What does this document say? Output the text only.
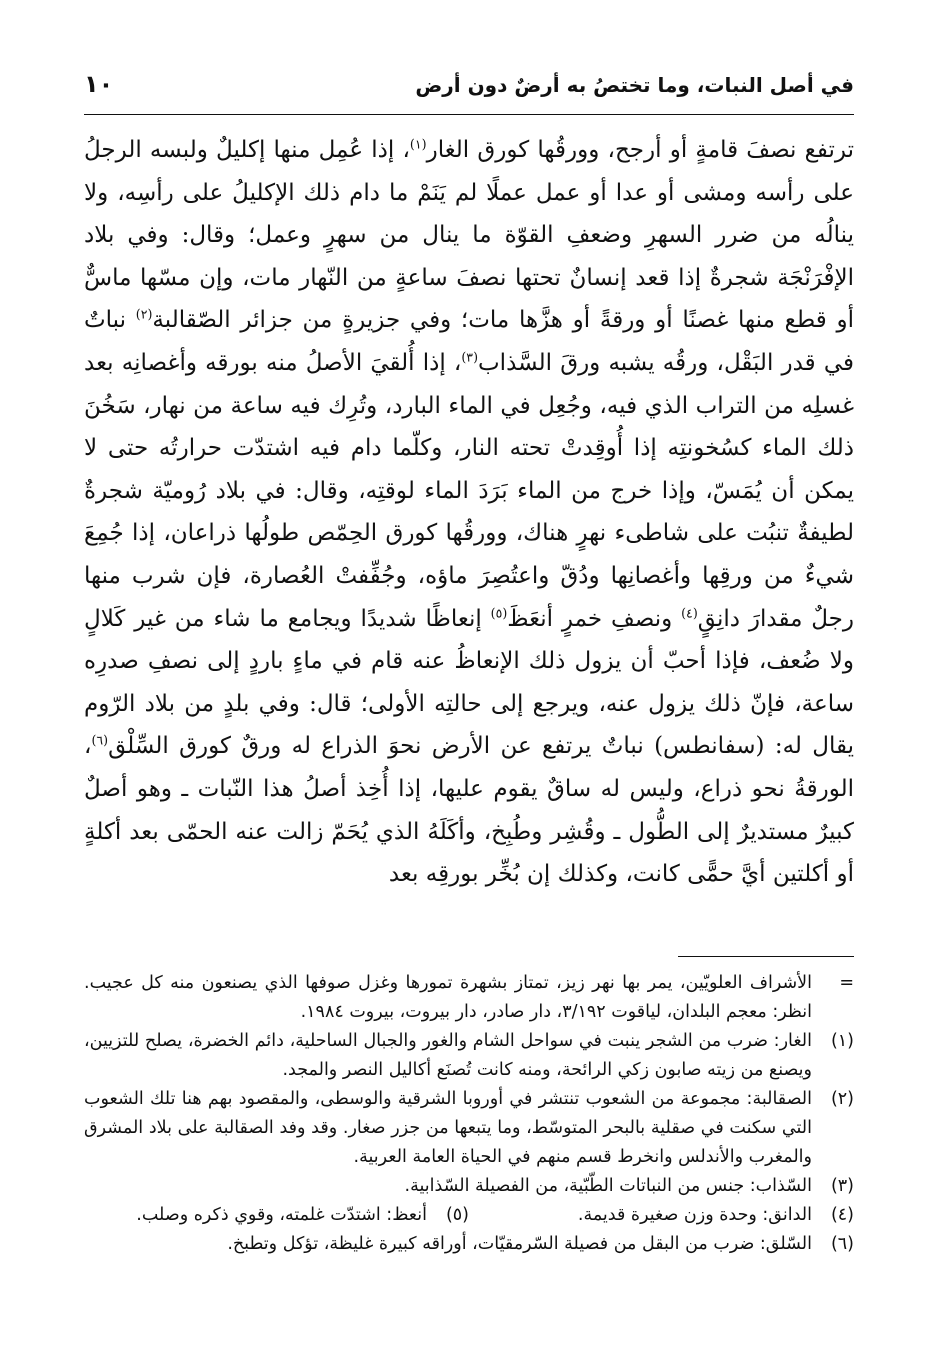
في أصل النبات، وما تختصُ به أرضٌ دون أرض
١٠

ترتفع نصفَ قامةٍ أو أرجح، وورقُها كورق الغار$^{(١)}$، إذا عُمِل منها إكليلٌ ولبسه الرجلُ على رأسه ومشى أو عدا أو عمل عملًا لم يَنَمْ ما دام ذلك الإكليلُ على رأسِه، ولا ينالُه من ضرر السهرِ وضعفِ القوّة ما ينال من سهرٍ وعمل؛ وقال: وفي بلاد الإفْرَنْجَة شجرةٌ إذا قعد إنسانٌ تحتها نصفَ ساعةٍ من النّهار مات، وإن مسّها ماسٌّ أو قطع منها غصنًا أو ورقةً أو هزَّها مات؛ وفي جزيرةٍ من جزائر الصّقالبة$^{(٢)}$ نباتٌ في قدر البَقْل، ورقُه يشبه ورقَ السَّذاب$^{(٣)}$، إذا أُلقيَ الأصلُ منه بورقه وأغصانِه بعد غسلِه من التراب الذي فيه، وجُعِل في الماء البارد، وتُرِك فيه ساعة من نهار، سَخُنَ ذلك الماء كسُخونتِه إذا أُوقِدتْ تحته النار، وكلّما دام فيه اشتدّت حرارتُه حتى لا يمكن أن يُمَسّ، وإذا خرج من الماء بَرَدَ الماء لوقتِه، وقال: في بلاد رُوميّة شجرةٌ لطيفةٌ تنبُت على شاطىء نهرٍ هناك، وورقُها كورق الحِمّص طولُها ذراعان، إذا جُمِعَ شيءٌ من ورقِها وأغصانِها ودُقّ واعتُصِرَ ماؤه، وجُفِّفتْ العُصارة، فإن شرب منها رجلٌ مقدارَ دانِقٍ$^{(٤)}$ ونصفِ خمرٍ أنعَظَ$^{(٥)}$ إنعاظًا شديدًا ويجامع ما شاء من غير كَلالٍ ولا ضُعف، فإذا أحبّ أن يزول ذلك الإنعاظُ عنه قام في ماءٍ باردٍ إلى نصفِ صدرِه ساعة، فإنّ ذلك يزول عنه، ويرجع إلى حالتِه الأولى؛ قال: وفي بلدٍ من بلاد الرّوم يقال له: (سفانطس) نباتٌ يرتفع عن الأرض نحوَ الذراع له ورقٌ كورق السِّلْق$^{(٦)}$، الورقةُ نحو ذراع، وليس له ساقٌ يقوم عليها، إذا أُخِذ أصلُ هذا النّبات ـ وهو أصلٌ كبيرٌ مستديرٌ إلى الطُّول ـ وقُشِر وطُبِخ، وأكَلَهُ الذي يُحَمّ زالت عنه الحمّى بعد أكلةٍ أو أكلتين أيَّ حمًّى كانت، وكذلك إن بُخِّر بورقِه بعد

=
الأشراف العلويّين، يمر بها نهر زيز، تمتاز بشهرة تمورها وغزل صوفها الذي يصنعون منه كل عجيب. انظر: معجم البلدان، لياقوت ٣/١٩٢، دار صادر، دار بيروت، بيروت ١٩٨٤.
(١)
الغار: ضرب من الشجر ينبت في سواحل الشام والغور والجبال الساحلية، دائم الخضرة، يصلح للتزيين، ويصنع من زيته صابون زكي الرائحة، ومنه كانت تُصنَع أكاليل النصر والمجد.
(٢)
الصقالبة: مجموعة من الشعوب تنتشر في أوروبا الشرقية والوسطى، والمقصود بهم هنا تلك الشعوب التي سكنت في صقلية بالبحر المتوسّط، وما يتبعها من جزر صغار. وقد وفد الصقالبة على بلاد المشرق والمغرب والأندلس وانخرط قسم منهم في الحياة العامة العربية.
(٣)
السّذاب: جنس من النباتات الطّبّية، من الفصيلة السّذابية.
(٤)
الدانق: وحدة وزن صغيرة قديمة.
(٥)
أنعظ: اشتدّت غلمته، وقوي ذكره وصلب.
(٦)
السّلق: ضرب من البقل من فصيلة السّرمقيّات، أوراقه كبيرة غليظة، تؤكل وتطبخ.
